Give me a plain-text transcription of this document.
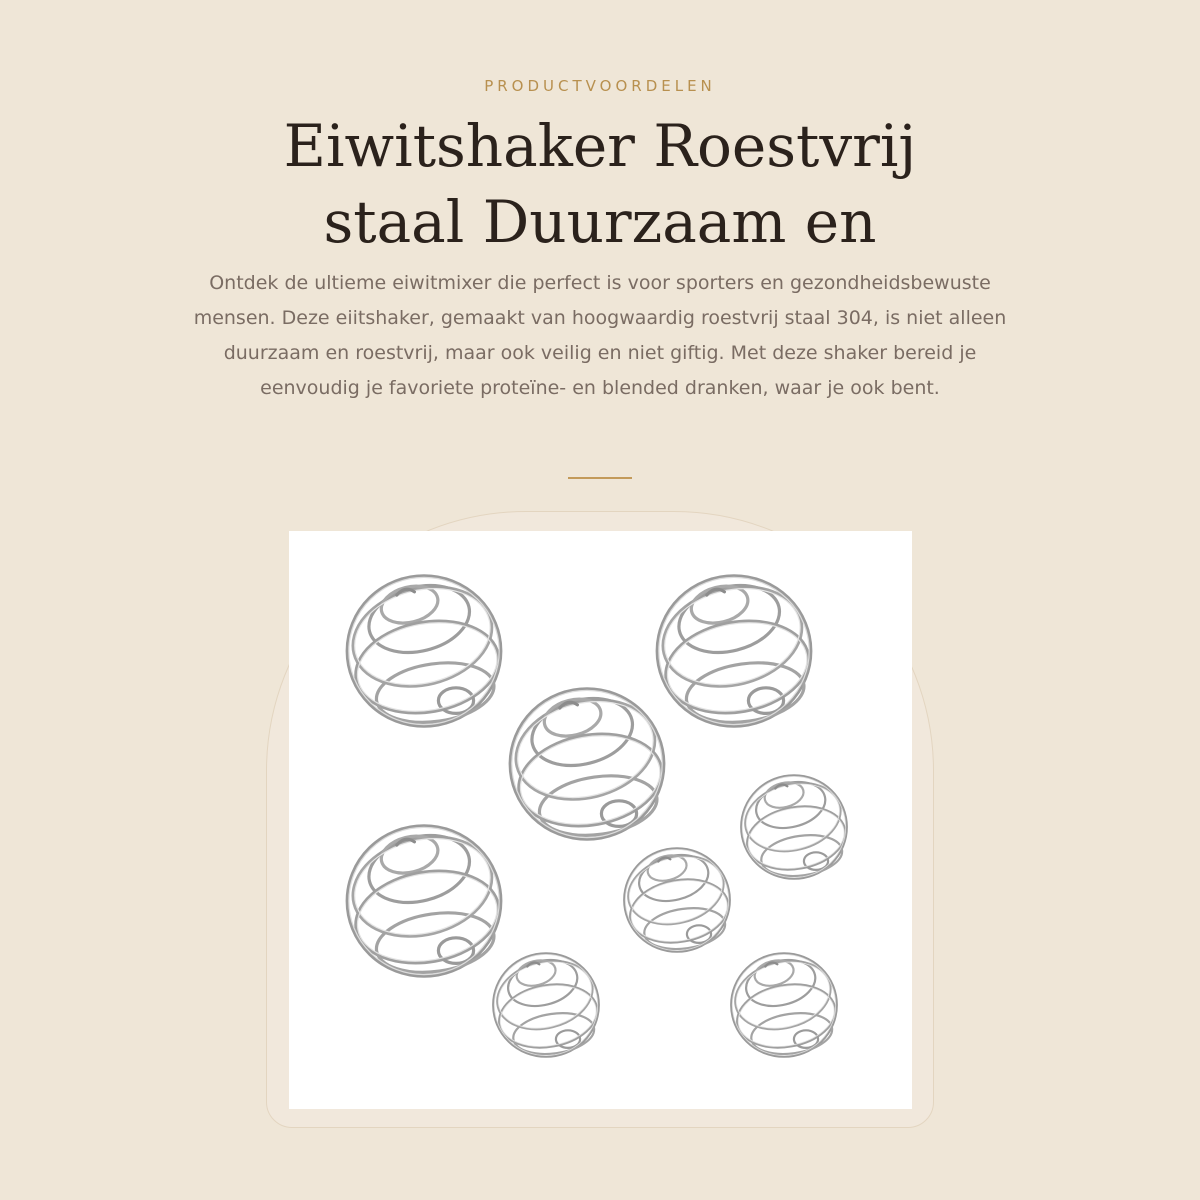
PRODUCTVOORDELEN
Eiwitshaker Roestvrij
staal Duurzaam en

Ontdek de ultieme eiwitmixer die perfect is voor sporters en gezondheidsbewuste mensen. Deze eiitshaker, gemaakt van hoogwaardig roestvrij staal 304, is niet alleen duurzaam en roestvrij, maar ook veilig en niet giftig. Met deze shaker bereid je eenvoudig je favoriete proteïne- en blended dranken, waar je ook bent.
